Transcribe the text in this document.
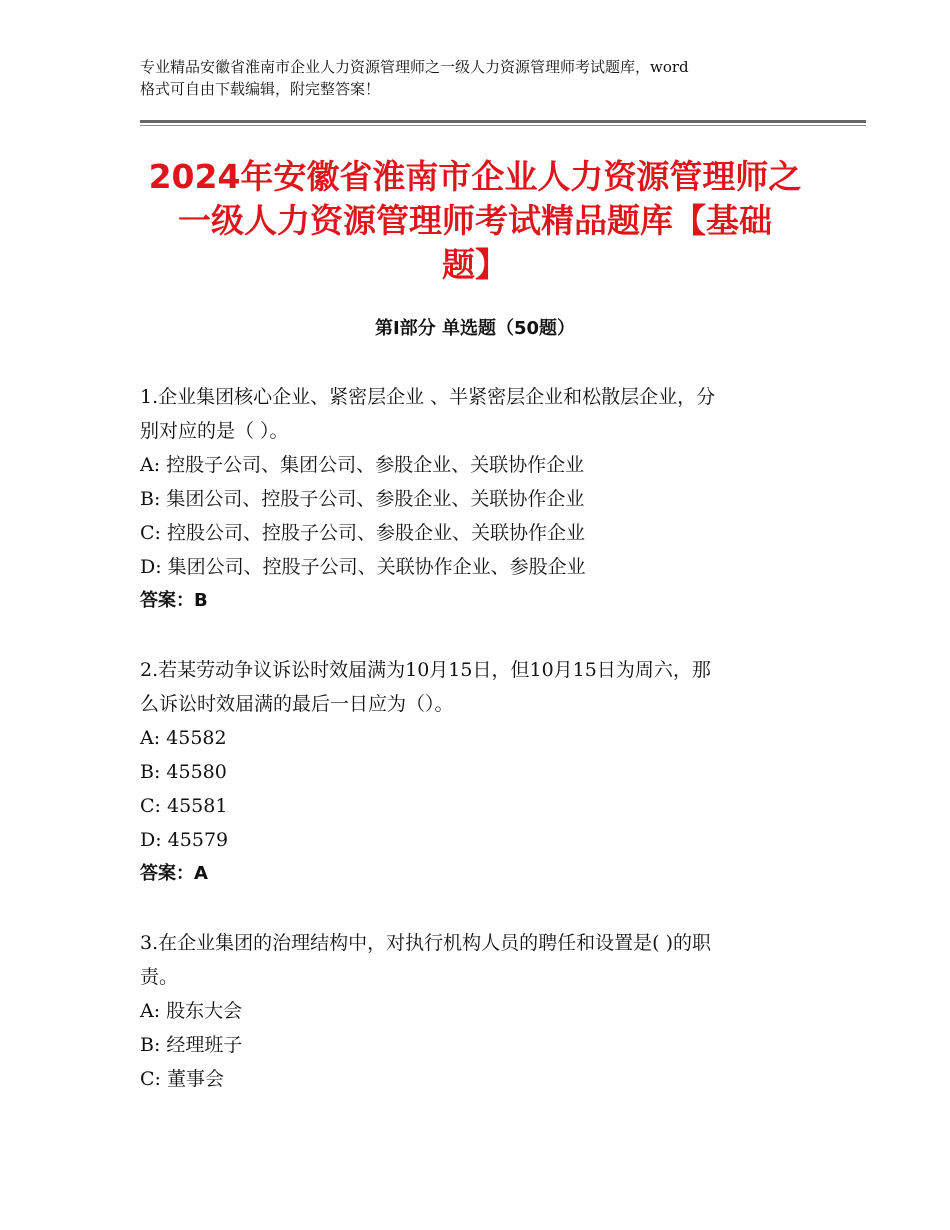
专业精品安徽省淮南市企业人力资源管理师之一级人力资源管理师考试题库，word
格式可自由下载编辑，附完整答案！
2024年安徽省淮南市企业人力资源管理师之
一级人力资源管理师考试精品题库【基础
题】
第Ⅰ部分 单选题（50题）
1.企业集团核心企业、紧密层企业 、半紧密层企业和松散层企业，分
别对应的是（ ）。
A: 控股子公司、集团公司、参股企业、关联协作企业
B: 集团公司、控股子公司、参股企业、关联协作企业
C: 控股公司、控股子公司、参股企业、关联协作企业
D: 集团公司、控股子公司、关联协作企业、参股企业
答案：B
2.若某劳动争议诉讼时效届满为10月15日，但10月15日为周六，那
么诉讼时效届满的最后一日应为（）。
A: 45582
B: 45580
C: 45581
D: 45579
答案：A
3.在企业集团的治理结构中，对执行机构人员的聘任和设置是( )的职
责。
A: 股东大会
B: 经理班子
C: 董事会
